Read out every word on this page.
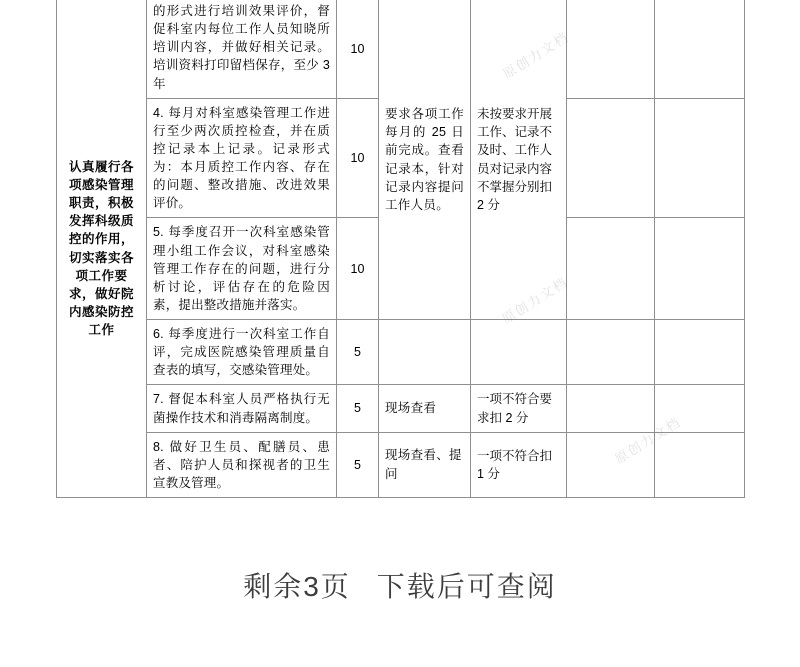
认真履行各项感染管理职责，积极发挥科级质控的作用，切实落实各项工作要求，做好院内感染防控工作	的形式进行培训效果评价，督促科室内每位工作人员知晓所培训内容，并做好相关记录。培训资料打印留档保存，至少 3 年	10	要求各项工作每月的 25 日前完成。查看记录本，针对记录内容提问工作人员。	未按要求开展工作、记录不及时、工作人员对记录内容不掌握分别扣 2 分		
	4. 每月对科室感染管理工作进行至少两次质控检查，并在质控记录本上记录。记录形式为：本月质控工作内容、存在的问题、整改措施、改进效果评价。	10				
	5. 每季度召开一次科室感染管理小组工作会议，对科室感染管理工作存在的问题，进行分析讨论，评估存在的危险因素，提出整改措施并落实。	10				
	6. 每季度进行一次科室工作自评，完成医院感染管理质量自查表的填写，交感染管理处。	5				
	7. 督促本科室人员严格执行无菌操作技术和消毒隔离制度。	5	现场查看	一项不符合要求扣 2 分		
	8. 做好卫生员、配膳员、患者、陪护人员和探视者的卫生宣教及管理。	5	现场查看、提问	一项不符合扣 1 分		
原创力文档
原创力文档
原创力文档
剩余3页 下载后可查阅
